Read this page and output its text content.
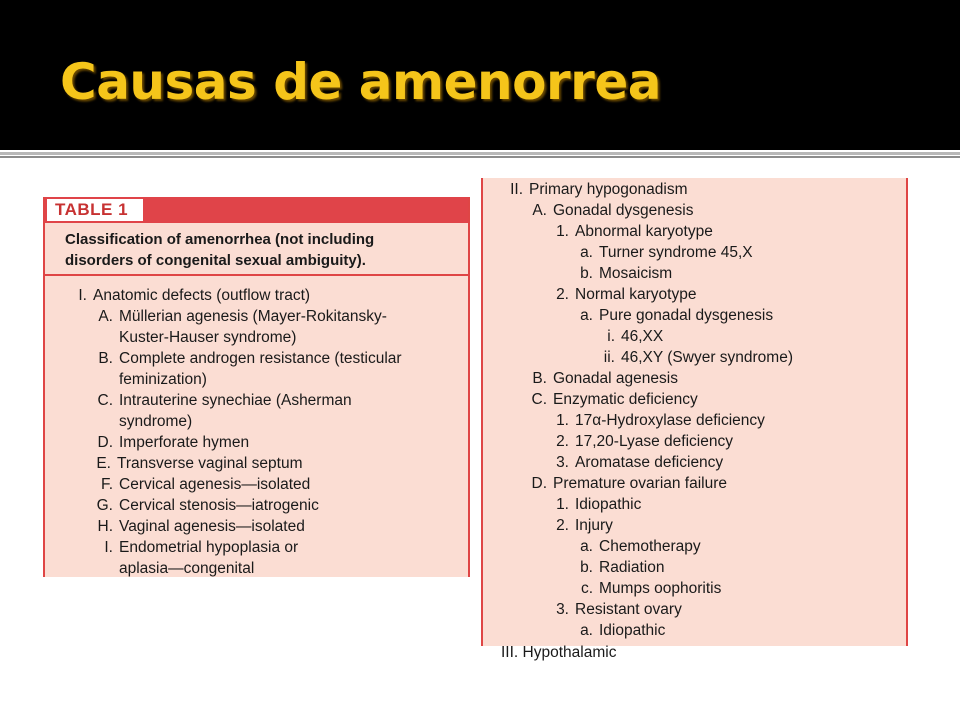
Causas de amenorrea
TABLE 1

Classification of amenorrhea (not including
disorders of congenital sexual ambiguity).

I. Anatomic defects (outflow tract)
A. Müllerian agenesis (Mayer-Rokitansky-
Kuster-Hauser syndrome)
B. Complete androgen resistance (testicular
feminization)
C. Intrauterine synechiae (Asherman
syndrome)
D. Imperforate hymen
E. Transverse vaginal septum
F. Cervical agenesis—isolated
G. Cervical stenosis—iatrogenic
H. Vaginal agenesis—isolated
I. Endometrial hypoplasia or
aplasia—congenital
II. Primary hypogonadism
A. Gonadal dysgenesis
1. Abnormal karyotype
a. Turner syndrome 45,X
b. Mosaicism
2. Normal karyotype
a. Pure gonadal dysgenesis
i. 46,XX
ii. 46,XY (Swyer syndrome)
B. Gonadal agenesis
C. Enzymatic deficiency
1. 17α-Hydroxylase deficiency
2. 17,20-Lyase deficiency
3. Aromatase deficiency
D. Premature ovarian failure
1. Idiopathic
2. Injury
a. Chemotherapy
b. Radiation
c. Mumps oophoritis
3. Resistant ovary
a. Idiopathic
III. Hypothalamic
